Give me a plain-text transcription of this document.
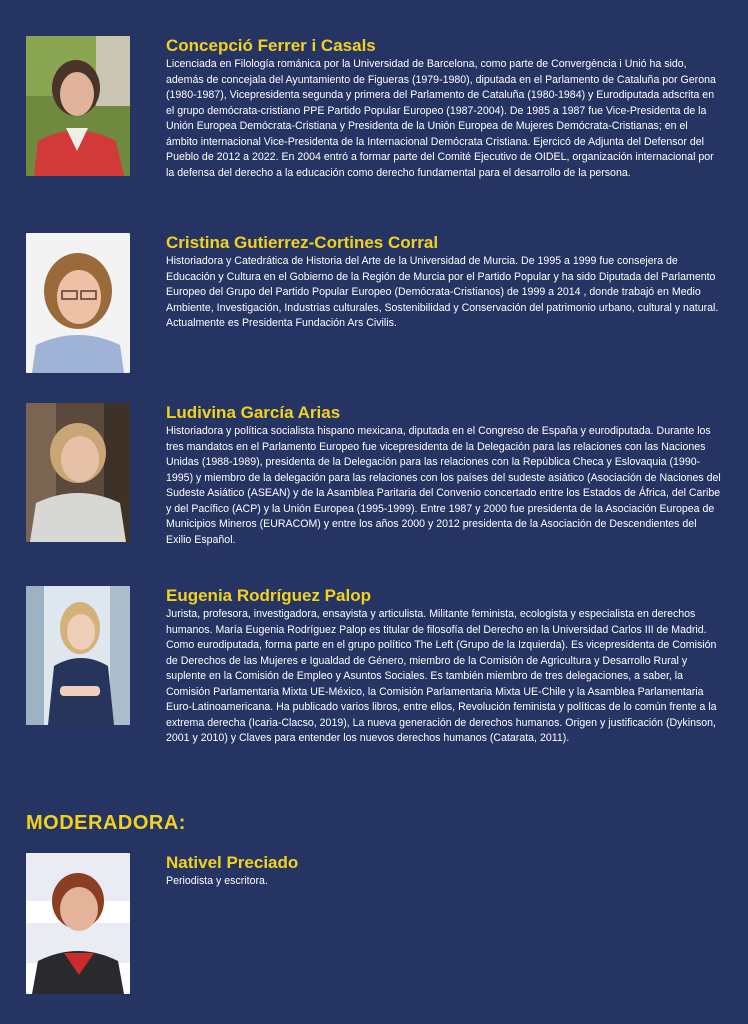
Concepció Ferrer i Casals

Licenciada en Filología románica por la Universidad de Barcelona, como parte de Convergència i Unió ha sido, además de concejala del Ayuntamiento de Figueras (1979-1980), diputada en el Parlamento de Cataluña por Gerona (1980-1987), Vicepresidenta segunda y primera del Parlamento de Cataluña (1980-1984) y Eurodiputada adscrita en el grupo demócrata-cristiano PPE Partido Popular Europeo (1987-2004). De 1985 a 1987 fue Vice-Presidenta de la Unión Europea Demócrata-Cristiana y Presidenta de la Unión Europea de Mujeres Demócrata-Cristianas; en el ámbito internacional Vice-Presidenta de la Internacional Demócrata Cristiana. Ejercicó de Adjunta del Defensor del Pueblo de 2012 a 2022. En 2004 entró a formar parte del Comité Ejecutivo de OIDEL, organización internacional por la defensa del derecho a la educación como derecho fundamental para el desarrollo de la persona.

Cristina Gutierrez-Cortines Corral

Historiadora y Catedrática de Historia del Arte de la Universidad de Murcia. De 1995 a 1999 fue consejera de Educación y Cultura en el Gobierno de la Región de Murcia por el Partido Popular y ha sido Diputada del Parlamento Europeo del Grupo del Partido Popular Europeo (Demócrata-Cristianos) de 1999 a 2014 , donde trabajó en Medio Ambiente, Investigación, Industrias culturales, Sostenibilidad y Conservación del patrimonio urbano, cultural y natural. Actualmente es Presidenta Fundación Ars Civilis.

Ludivina García Arias

Historiadora y política socialista hispano mexicana, diputada en el Congreso de España y eurodiputada. Durante los tres mandatos en el Parlamento Europeo fue vicepresidenta de la Delegación para las relaciones con las Naciones Unidas (1988-1989), presidenta de la Delegación para las relaciones con la República Checa y Eslovaquia (1990-1995) y miembro de la delegación para las relaciones con los países del sudeste asiático (Asociación de Naciones del Sudeste Asiático (ASEAN) y de la Asamblea Paritaria del Convenio concertado entre los Estados de África, del Caribe y del Pacífico (ACP) y la Unión Europea (1995-1999). Entre 1987 y 2000 fue presidenta de la Asociación Europea de Municipios Mineros (EURACOM) y entre los años 2000 y 2012 presidenta de la Asociación de Descendientes del Exilio Español.

Eugenia Rodríguez Palop

Jurista, profesora, investigadora, ensayista y articulista. Militante feminista, ecologista y especialista en derechos humanos. María Eugenia Rodríguez Palop es titular de filosofía del Derecho en la Universidad Carlos III de Madrid. Como eurodiputada, forma parte en el grupo político The Left (Grupo de la Izquierda). Es vicepresidenta de Comisión de Derechos de las Mujeres e Igualdad de Género, miembro de la Comisión de Agricultura y Desarrollo Rural y suplente en la Comisión de Empleo y Asuntos Sociales. Es también miembro de tres delegaciones, a saber, la Comisión Parlamentaria Mixta UE-México, la Comisión Parlamentaria Mixta UE-Chile y la Asamblea Parlamentaria Euro-Latinoamericana. Ha publicado varios libros, entre ellos, Revolución feminista y políticas de lo común frente a la extrema derecha (Icaria-Clacso, 2019), La nueva generación de derechos humanos. Origen y justificación (Dykinson, 2001 y 2010) y Claves para entender los nuevos derechos humanos (Catarata, 2011).

MODERADORA:
Nativel Preciado

Periodista y escritora.
